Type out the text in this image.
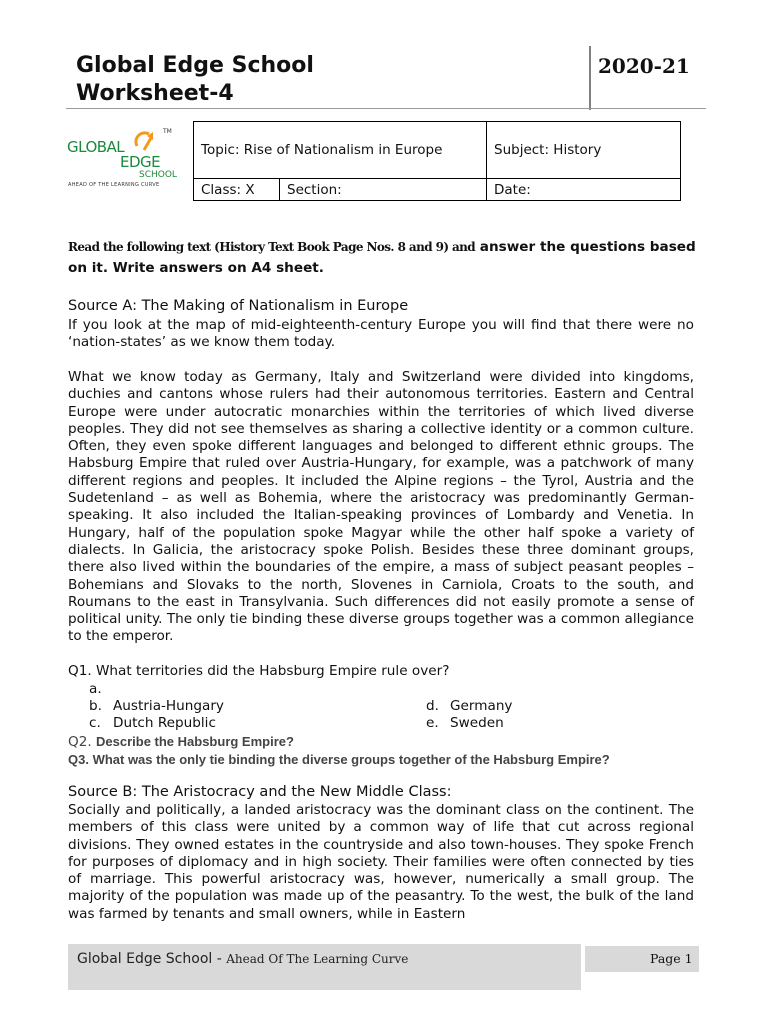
Global Edge School
Worksheet-4
2020-21
TM
GLOBAL
EDGE
SCHOOL
AHEAD OF THE LEARNING CURVE
Topic: Rise of Nationalism in Europe		Subject: History
Class: X	Section:	Date:
Read the following text (History Text Book Page Nos. 8 and 9) and answer the questions based on it. Write answers on A4 sheet.
Source A: The Making of Nationalism in Europe
If you look at the map of mid-eighteenth-century Europe you will find that there were no ‘nation-states’ as we know them today.
What we know today as Germany, Italy and Switzerland were divided into kingdoms, duchies and cantons whose rulers had their autonomous territories. Eastern and Central Europe were under autocratic monarchies within the territories of which lived diverse peoples. They did not see themselves as sharing a collective identity or a common culture. Often, they even spoke different languages and belonged to different ethnic groups. The Habsburg Empire that ruled over Austria-Hungary, for example, was a patchwork of many different regions and peoples. It included the Alpine regions – the Tyrol, Austria and the Sudetenland – as well as Bohemia, where the aristocracy was predominantly German-speaking. It also included the Italian-speaking provinces of Lombardy and Venetia. In Hungary, half of the population spoke Magyar while the other half spoke a variety of dialects. In Galicia, the aristocracy spoke Polish. Besides these three dominant groups, there also lived within the boundaries of the empire, a mass of subject peasant peoples – Bohemians and Slovaks to the north, Slovenes in Carniola, Croats to the south, and Roumans to the east in Transylvania. Such differences did not easily promote a sense of political unity. The only tie binding these diverse groups together was a common allegiance to the emperor.
Q1. What territories did the Habsburg Empire rule over?
a.
b. Austria-Hungary
c. Dutch Republic
d. Germany
e. Sweden
Q2. Describe the Habsburg Empire?
Q3. What was the only tie binding the diverse groups together of the Habsburg Empire?
Source B: The Aristocracy and the New Middle Class:
Socially and politically, a landed aristocracy was the dominant class on the continent. The members of this class were united by a common way of life that cut across regional divisions. They owned estates in the countryside and also town-houses. They spoke French for purposes of diplomacy and in high society. Their families were often connected by ties of marriage. This powerful aristocracy was, however, numerically a small group. The majority of the population was made up of the peasantry. To the west, the bulk of the land was farmed by tenants and small owners, while in Eastern
Global Edge School - Ahead Of The Learning Curve	Page 1
